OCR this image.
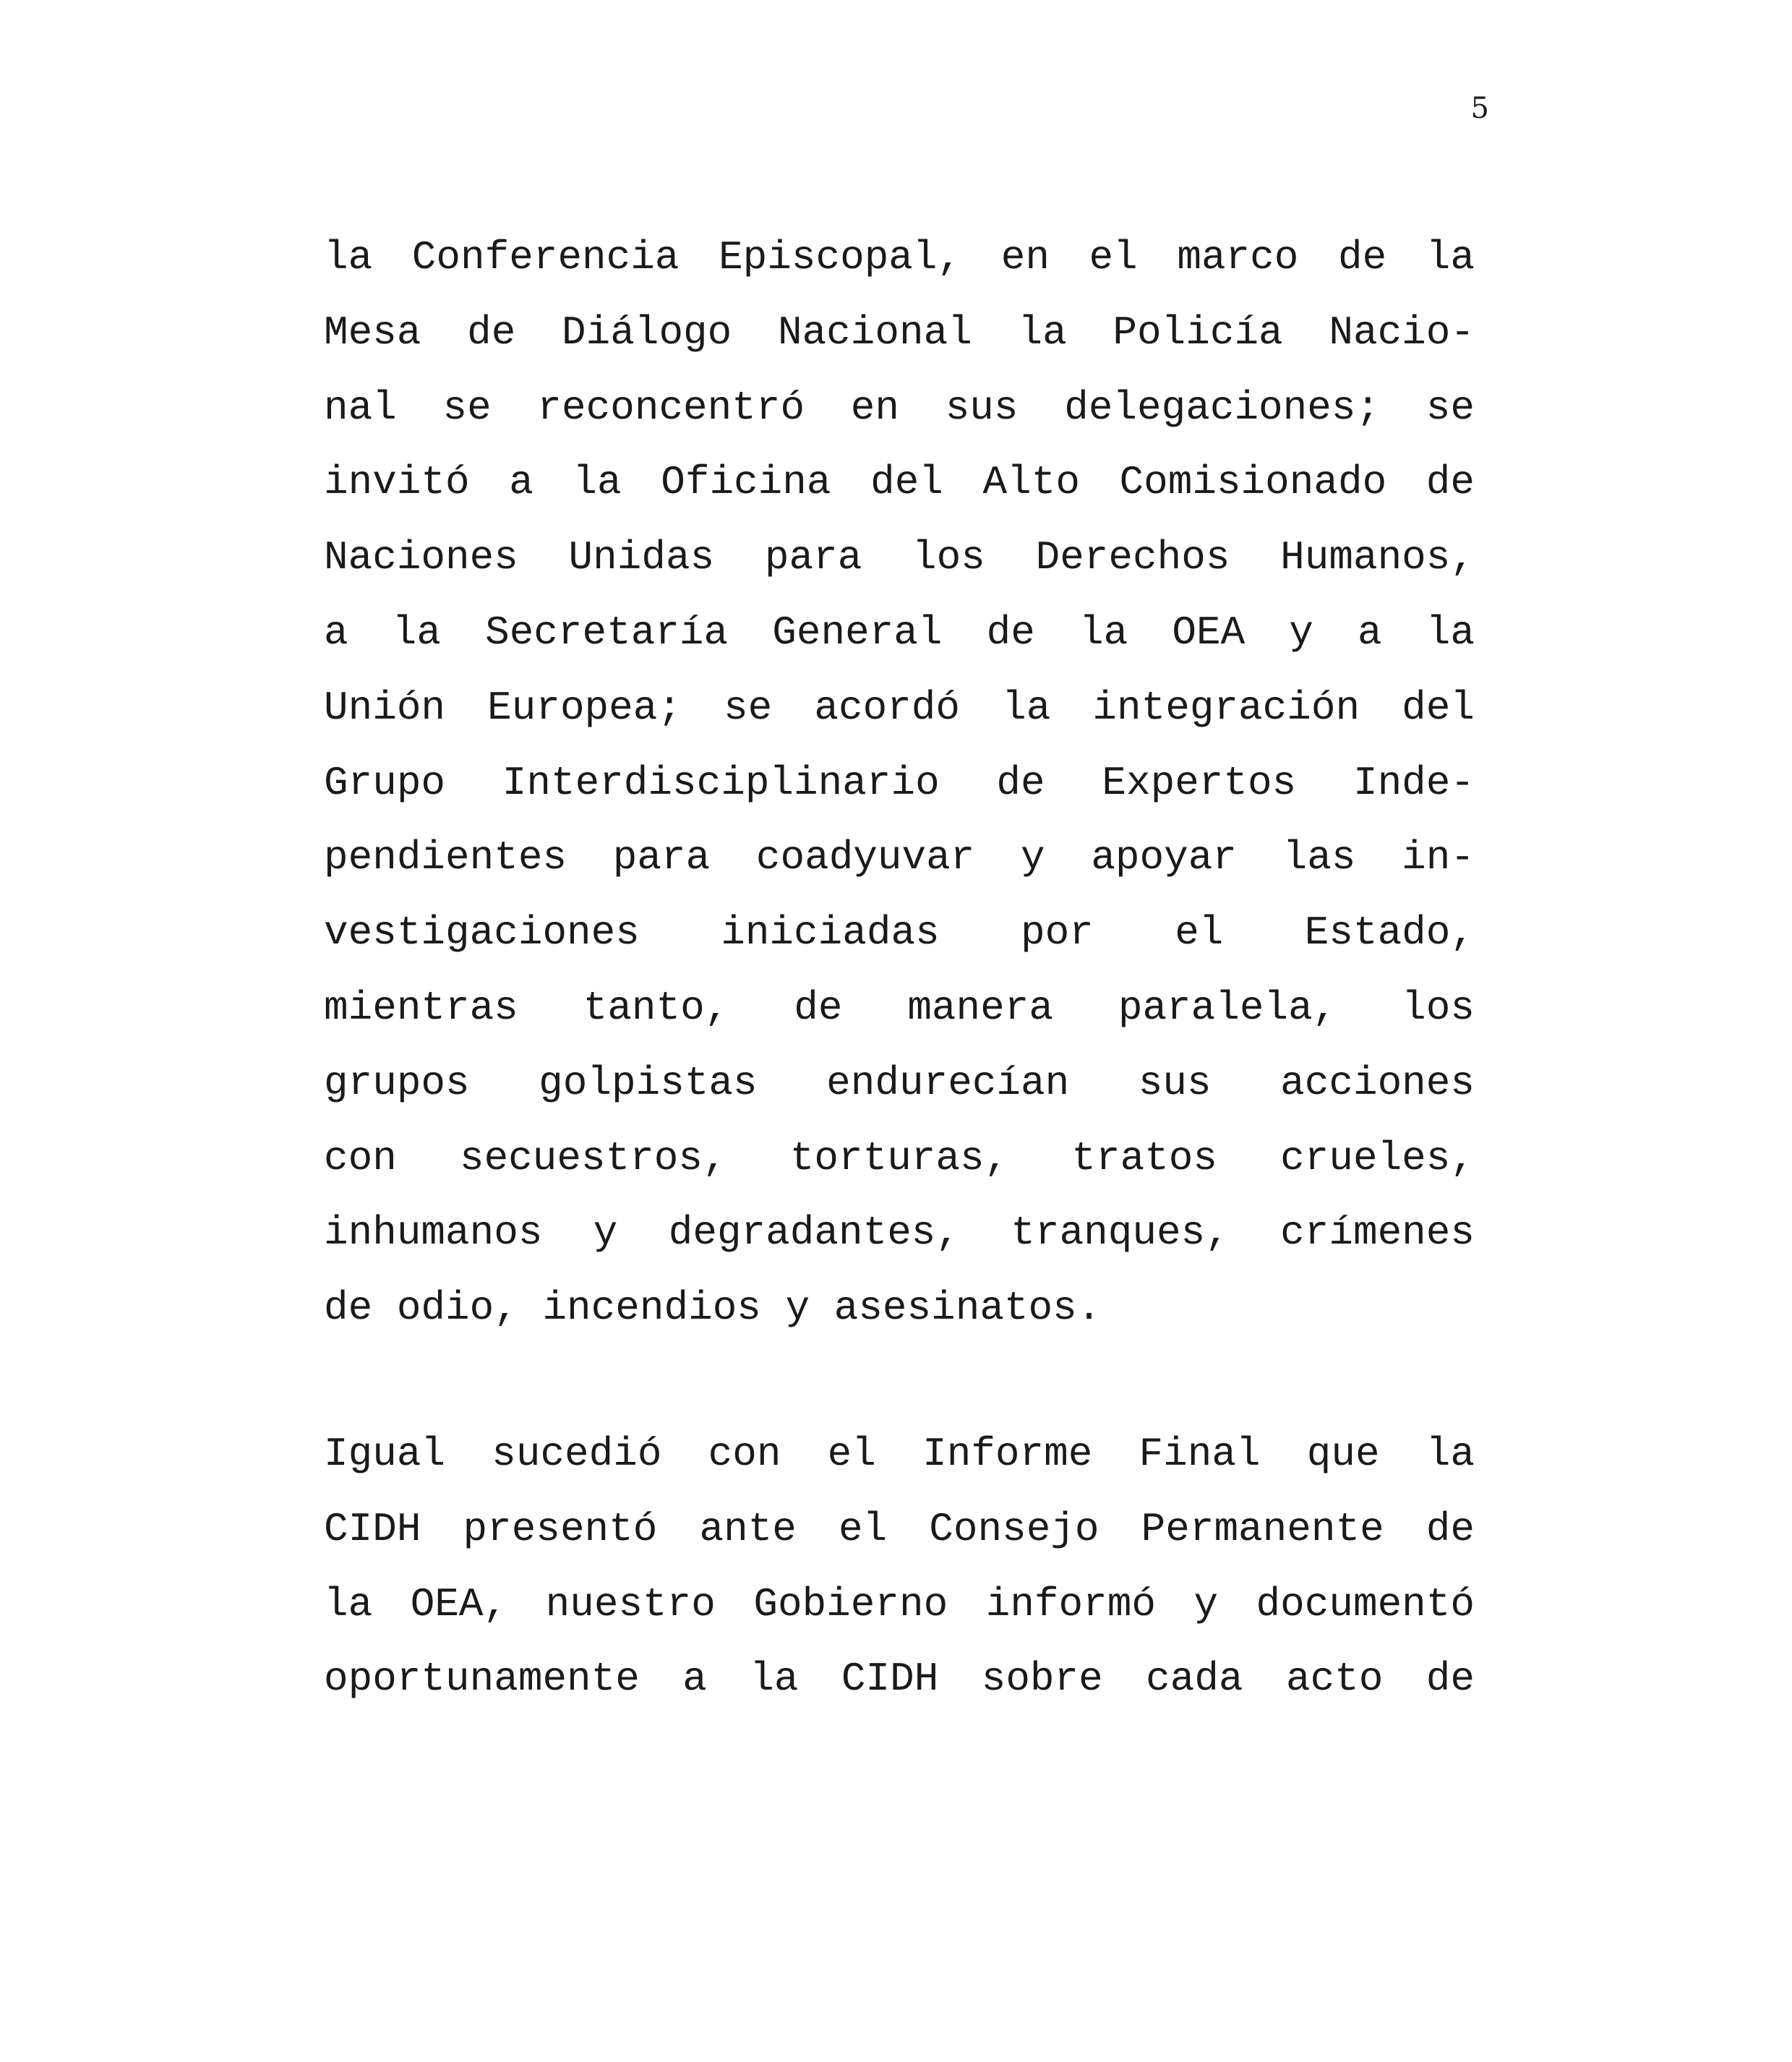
5
la Conferencia Episcopal, en el marco de la
Mesa de Diálogo Nacional la Policía Nacio-
nal se reconcentró en sus delegaciones; se
invitó a la Oficina del Alto Comisionado de
Naciones Unidas para los Derechos Humanos,
a la Secretaría General de la OEA y a la
Unión Europea; se acordó la integración del
Grupo Interdisciplinario de Expertos Inde-
pendientes para coadyuvar y apoyar las in-
vestigaciones iniciadas por el Estado,
mientras tanto, de manera paralela, los
grupos golpistas endurecían sus acciones
con secuestros, torturas, tratos crueles,
inhumanos y degradantes, tranques, crímenes
de odio, incendios y asesinatos.
Igual sucedió con el Informe Final que la
CIDH presentó ante el Consejo Permanente de
la OEA, nuestro Gobierno informó y documentó
oportunamente a la CIDH sobre cada acto de
